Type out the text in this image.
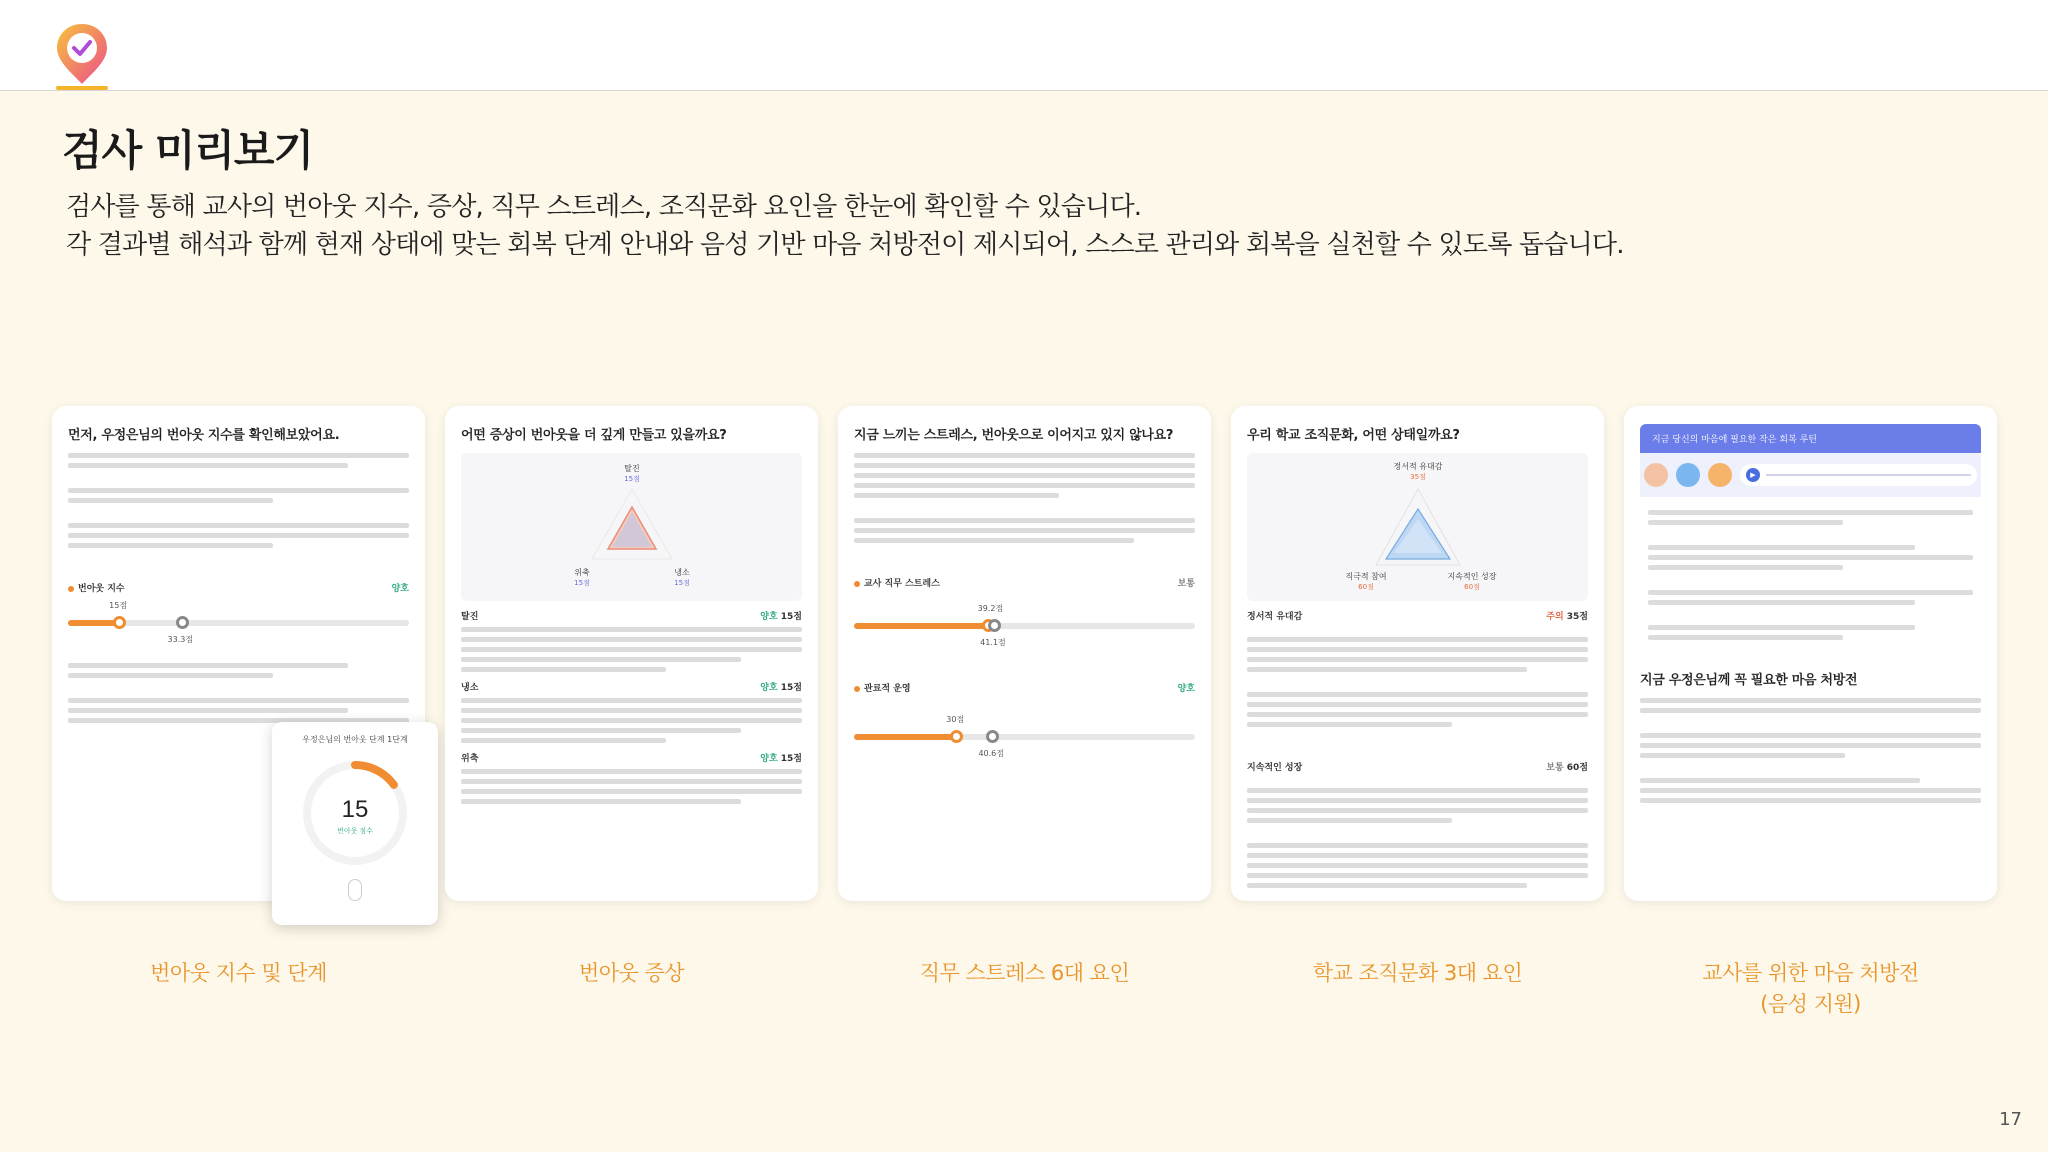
검사 미리보기
검사를 통해 교사의 번아웃 지수, 증상, 직무 스트레스, 조직문화 요인을 한눈에 확인할 수 있습니다.
각 결과별 해석과 함께 현재 상태에 맞는 회복 단계 안내와 음성 기반 마음 처방전이 제시되어, 스스로 관리와 회복을 실천할 수 있도록 돕습니다.
먼저, 우정은님의 번아웃 지수를 확인해보았어요.
번아웃 지수	양호
15점
33.3점
우정은님의 번아웃 단계 1단계
15
번아웃 점수
어떤 증상이 번아웃을 더 깊게 만들고 있을까요?
탈진
15점
위축
15점
냉소
15점
탈진	양호 15점
냉소	양호 15점
위축	양호 15점
지금 느끼는 스트레스, 번아웃으로 이어지고 있지 않나요?
교사 직무 스트레스	보통
39.2점
41.1점
관료적 운영	양호
30점
40.6점
우리 학교 조직문화, 어떤 상태일까요?
정서적 유대감
35점
직극적 참여
60점
지속적인 성장
60점
정서적 유대감	주의 35점
지속적인 성장	보통 60점
지금 당신의 마음에 필요한 작은 회복 루틴
▶
지금 우정은님께 꼭 필요한 마음 처방전
번아웃 지수 및 단계	번아웃 증상	직무 스트레스 6대 요인	학교 조직문화 3대 요인	교사를 위한 마음 처방전
(음성 지원)
17
